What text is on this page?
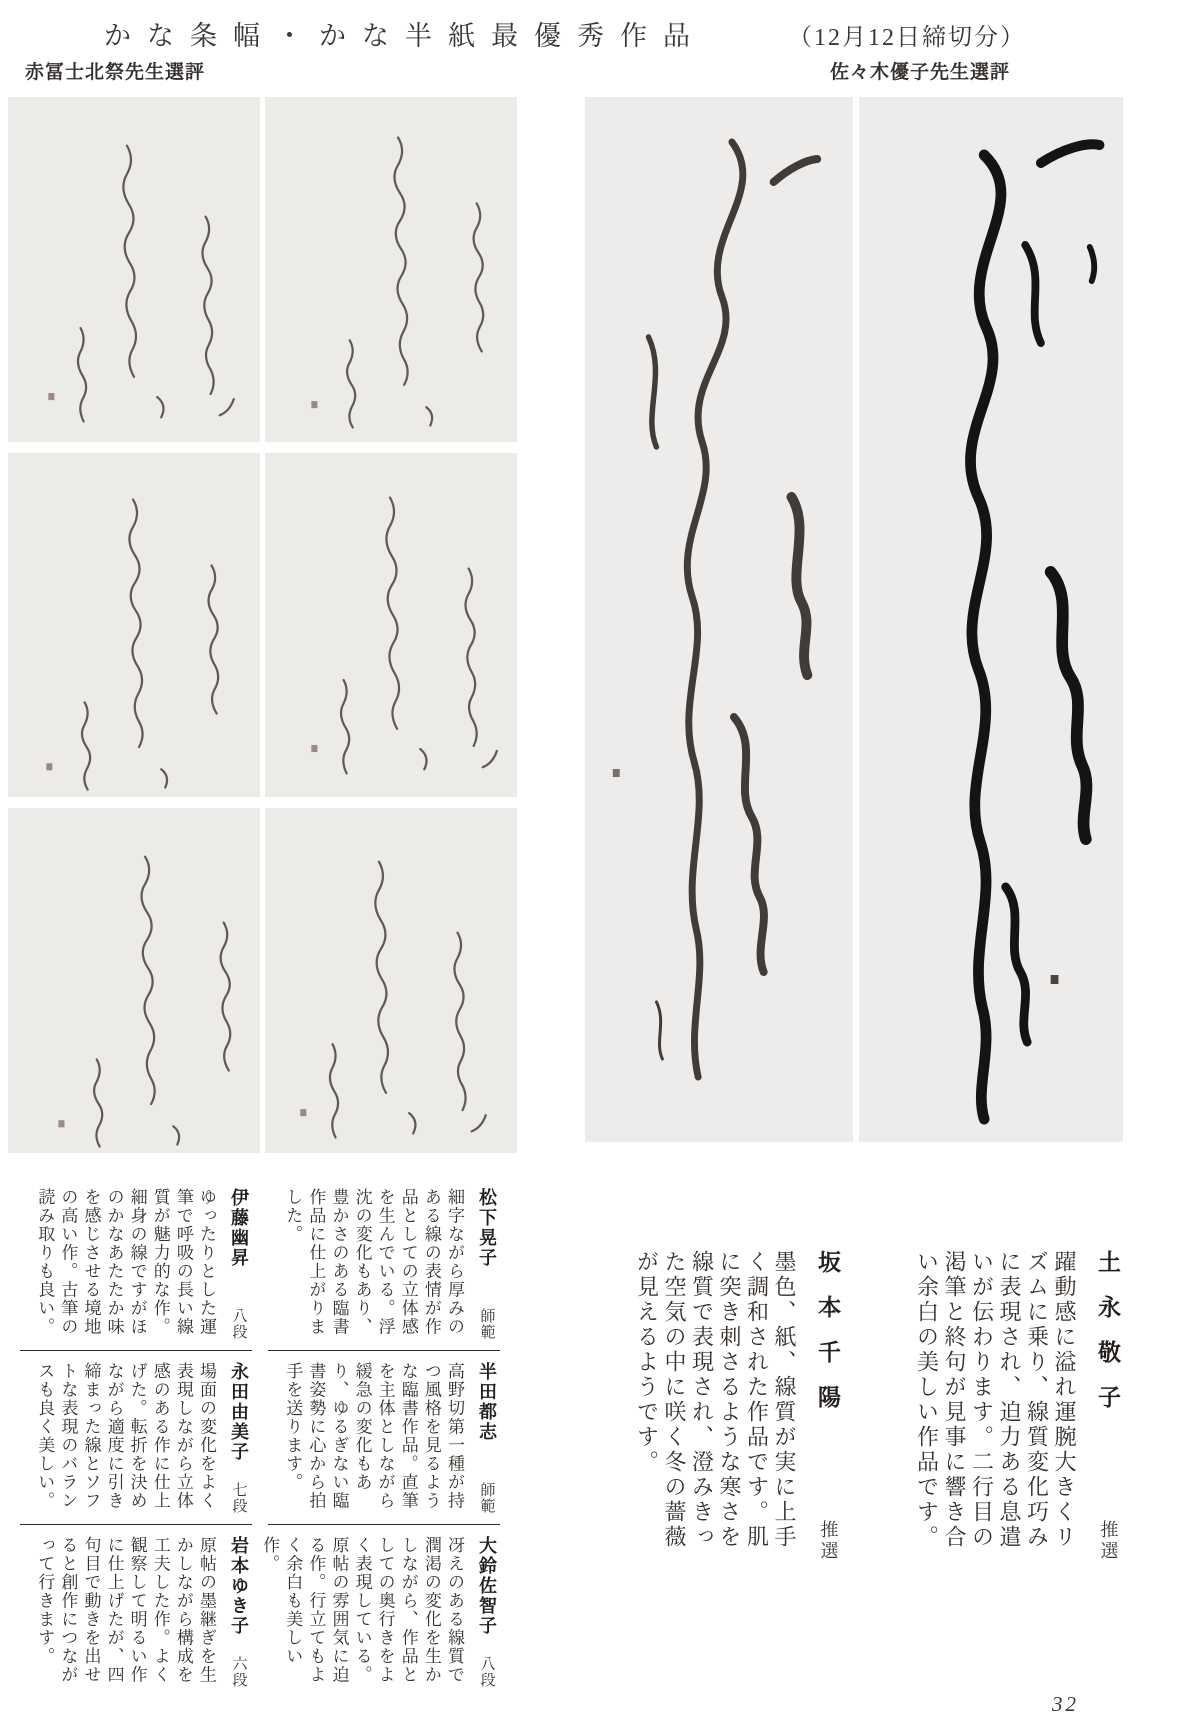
かな条幅・かな半紙最優秀作品	（12月12日締切分）
赤冨士北祭先生選評	佐々木優子先生選評
土永敬子
推選
躍動感に溢れ運腕大きくリズムに乗り、線質変化巧みに表現され、迫力ある息遣いが伝わります。二行目の渇筆と終句が見事に響き合い余白の美しい作品です。
坂本千陽
推選
墨色、紙、線質が実に上手く調和された作品です。肌に突き刺さるような寒さを線質で表現され、澄みきった空気の中に咲く冬の薔薇が見えるようです。
松下晃子
師範
細字ながら厚みのある線の表情が作品としての立体感を生んでいる。浮沈の変化もあり、豊かさのある臨書作品に仕上がりました。
半田都志
師範
高野切第一種が持つ風格を見るような臨書作品。直筆を主体としながら緩急の変化もあり、ゆるぎない臨書姿勢に心から拍手を送ります。
大鈴佐智子
八段
冴えのある線質で潤渇の変化を生かしながら、作品としての奥行きをよく表現している。原帖の雰囲気に迫る作。行立てもよく余白も美しい作。
伊藤幽昇
八段
ゆったりとした運筆で呼吸の長い線質が魅力的な作。細身の線ですがほのかなあたたか味を感じさせる境地の高い作。古筆の読み取りも良い。
永田由美子
七段
場面の変化をよく表現しながら立体感のある作に仕上げた。転折を決めながら適度に引き締まった線とソフトな表現のバランスも良く美しい。
岩本ゆき子
六段
原帖の墨継ぎを生かしながら構成を工夫した作。よく観察して明るい作に仕上げたが、四句目で動きを出せると創作につながって行きます。
32
